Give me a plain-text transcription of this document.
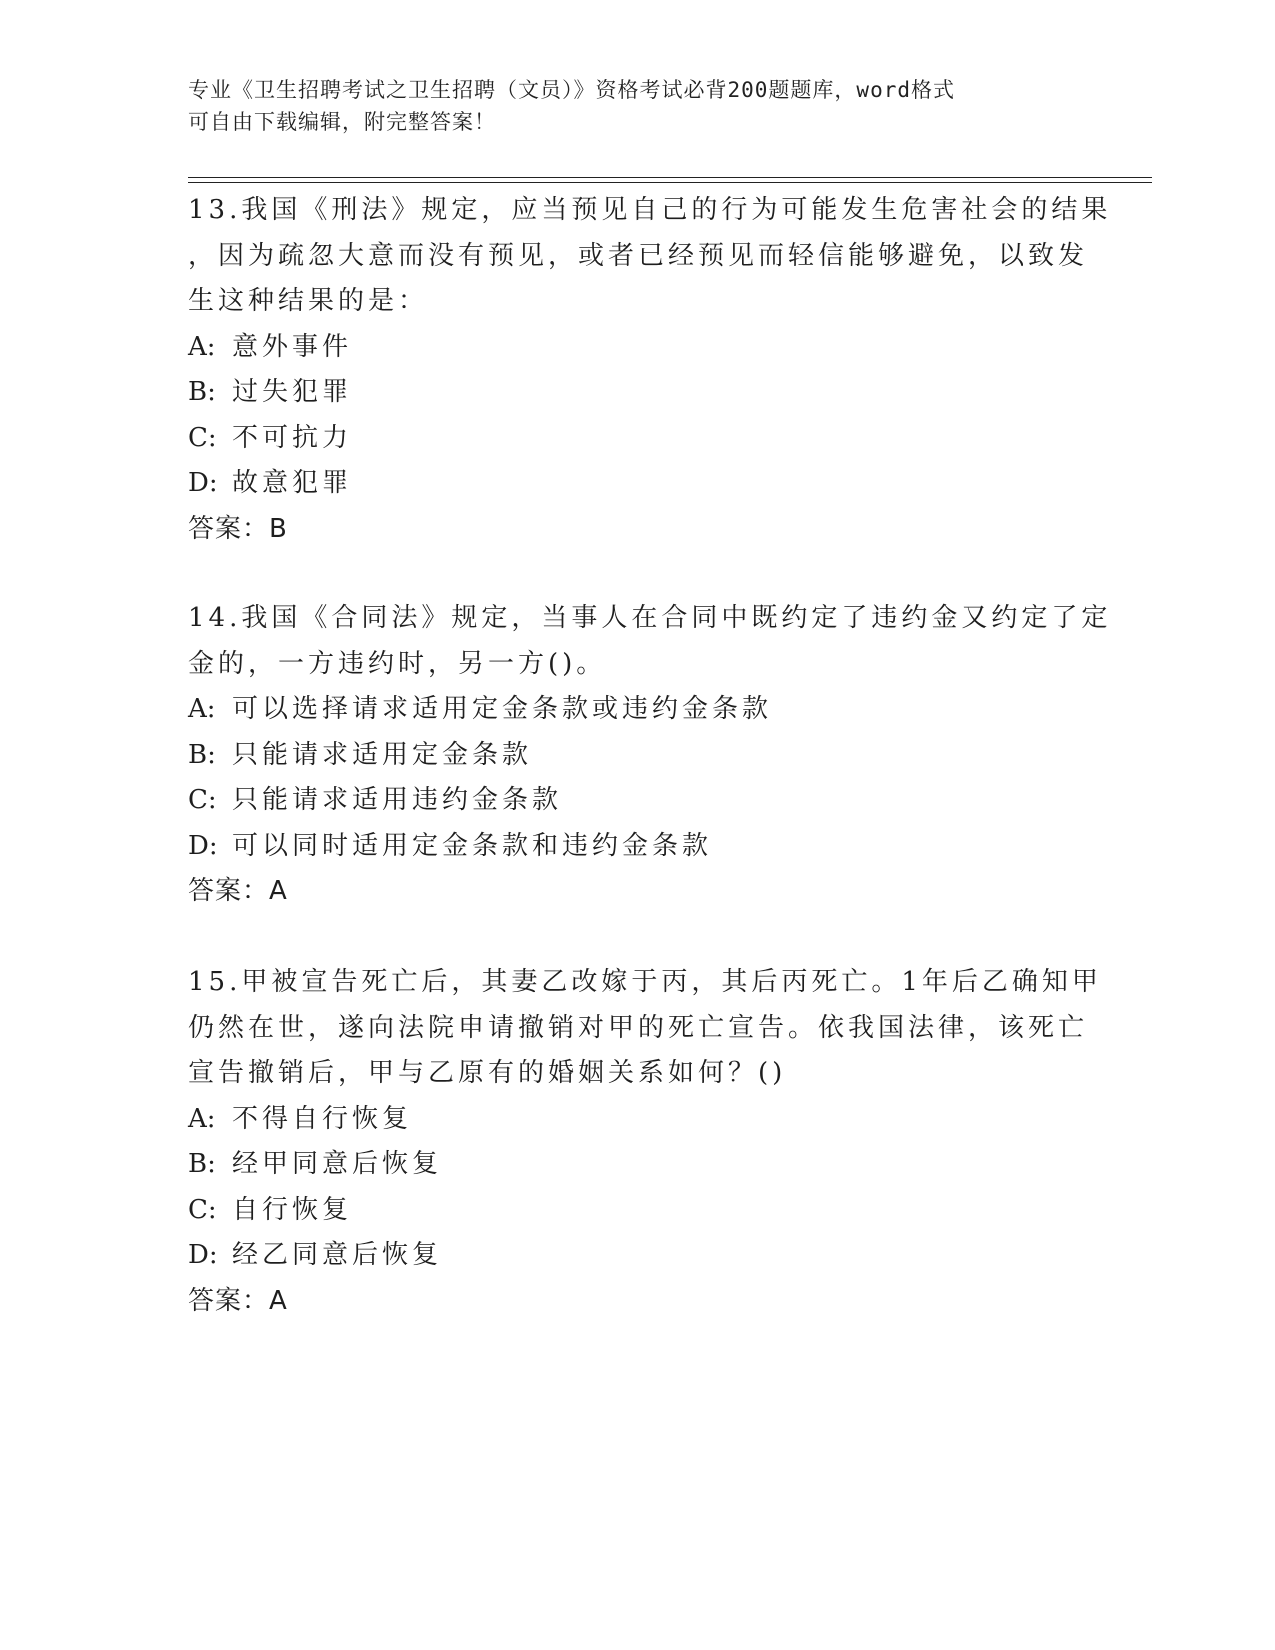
专业《卫生招聘考试之卫生招聘（文员）》资格考试必背200题题库，word格式
可自由下载编辑，附完整答案！
13.我国《刑法》规定，应当预见自己的行为可能发生危害社会的结果
，因为疏忽大意而没有预见，或者已经预见而轻信能够避免，以致发
生这种结果的是：
A: 意外事件
B: 过失犯罪
C: 不可抗力
D: 故意犯罪
答案：B
14.我国《合同法》规定，当事人在合同中既约定了违约金又约定了定
金的，一方违约时，另一方()。
A: 可以选择请求适用定金条款或违约金条款
B: 只能请求适用定金条款
C: 只能请求适用违约金条款
D: 可以同时适用定金条款和违约金条款
答案：A
15.甲被宣告死亡后，其妻乙改嫁于丙，其后丙死亡。1年后乙确知甲
仍然在世，遂向法院申请撤销对甲的死亡宣告。依我国法律，该死亡
宣告撤销后，甲与乙原有的婚姻关系如何？()
A: 不得自行恢复
B: 经甲同意后恢复
C: 自行恢复
D: 经乙同意后恢复
答案：A
